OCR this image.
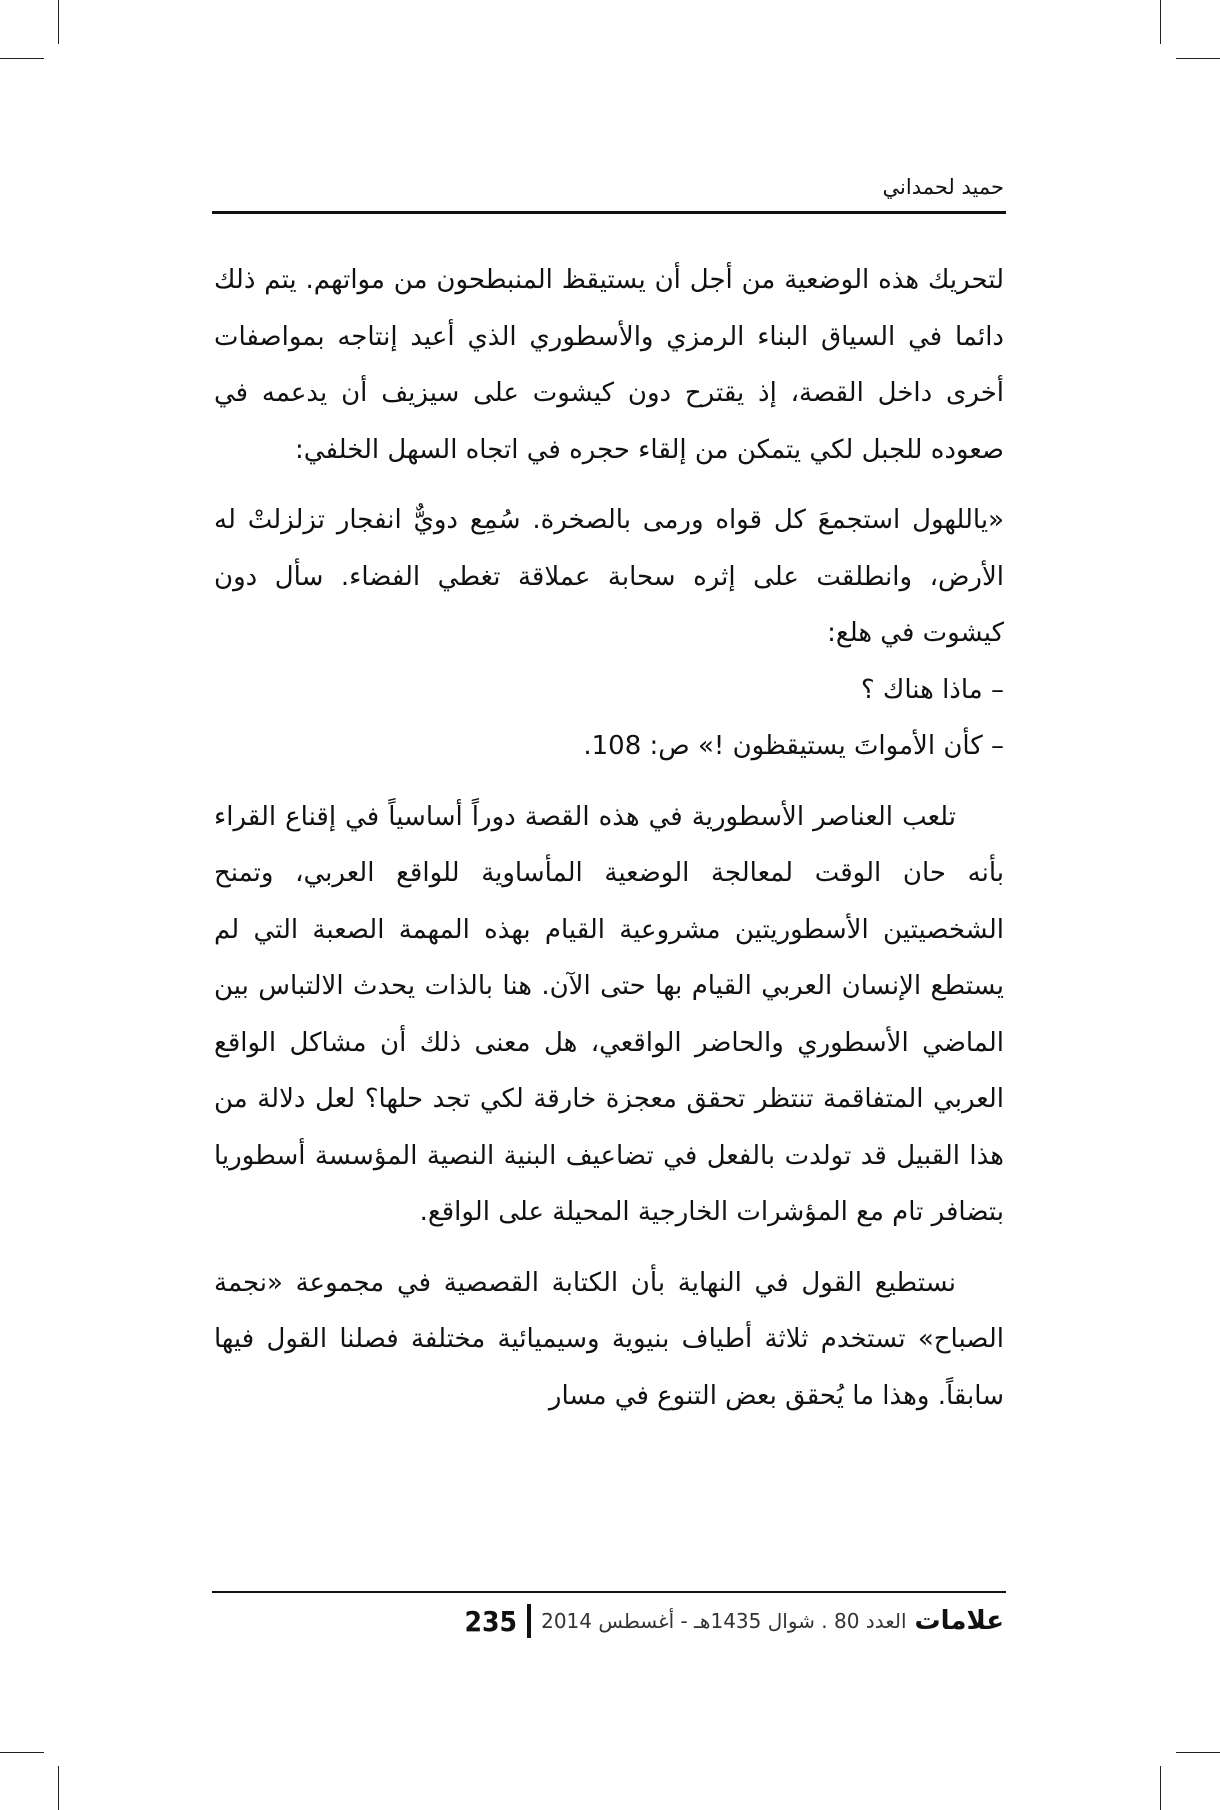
حميد لحمداني

لتحريك هذه الوضعية من أجل أن يستيقظ المنبطحون من مواتهم. يتم ذلك دائما في السياق البناء الرمزي والأسطوري الذي أعيد إنتاجه بمواصفات أخرى داخل القصة، إذ يقترح دون كيشوت على سيزيف أن يدعمه في صعوده للجبل لكي يتمكن من إلقاء حجره في اتجاه السهل الخلفي:

«ياللهول استجمعَ كل قواه ورمى بالصخرة. سُمِع دويٌّ انفجار تزلزلتْ له الأرض، وانطلقت على إثره سحابة عملاقة تغطي الفضاء. سأل دون كيشوت في هلع:

– ماذا هناك ؟

– كأن الأمواتَ يستيقظون !» ص: 108.

تلعب العناصر الأسطورية في هذه القصة دوراً أساسياً في إقناع القراء بأنه حان الوقت لمعالجة الوضعية المأساوية للواقع العربي، وتمنح الشخصيتين الأسطوريتين مشروعية القيام بهذه المهمة الصعبة التي لم يستطع الإنسان العربي القيام بها حتى الآن. هنا بالذات يحدث الالتباس بين الماضي الأسطوري والحاضر الواقعي، هل معنى ذلك أن مشاكل الواقع العربي المتفاقمة تنتظر تحقق معجزة خارقة لكي تجد حلها؟ لعل دلالة من هذا القبيل قد تولدت بالفعل في تضاعيف البنية النصية المؤسسة أسطوريا بتضافر تام مع المؤشرات الخارجية المحيلة على الواقع.

نستطيع القول في النهاية بأن الكتابة القصصية في مجموعة «نجمة الصباح» تستخدم ثلاثة أطياف بنيوية وسيميائية مختلفة فصلنا القول فيها سابقاً. وهذا ما يُحقق بعض التنوع في مسار

علامات
العدد 80 . شوال 1435هـ - أغسطس 2014
235
